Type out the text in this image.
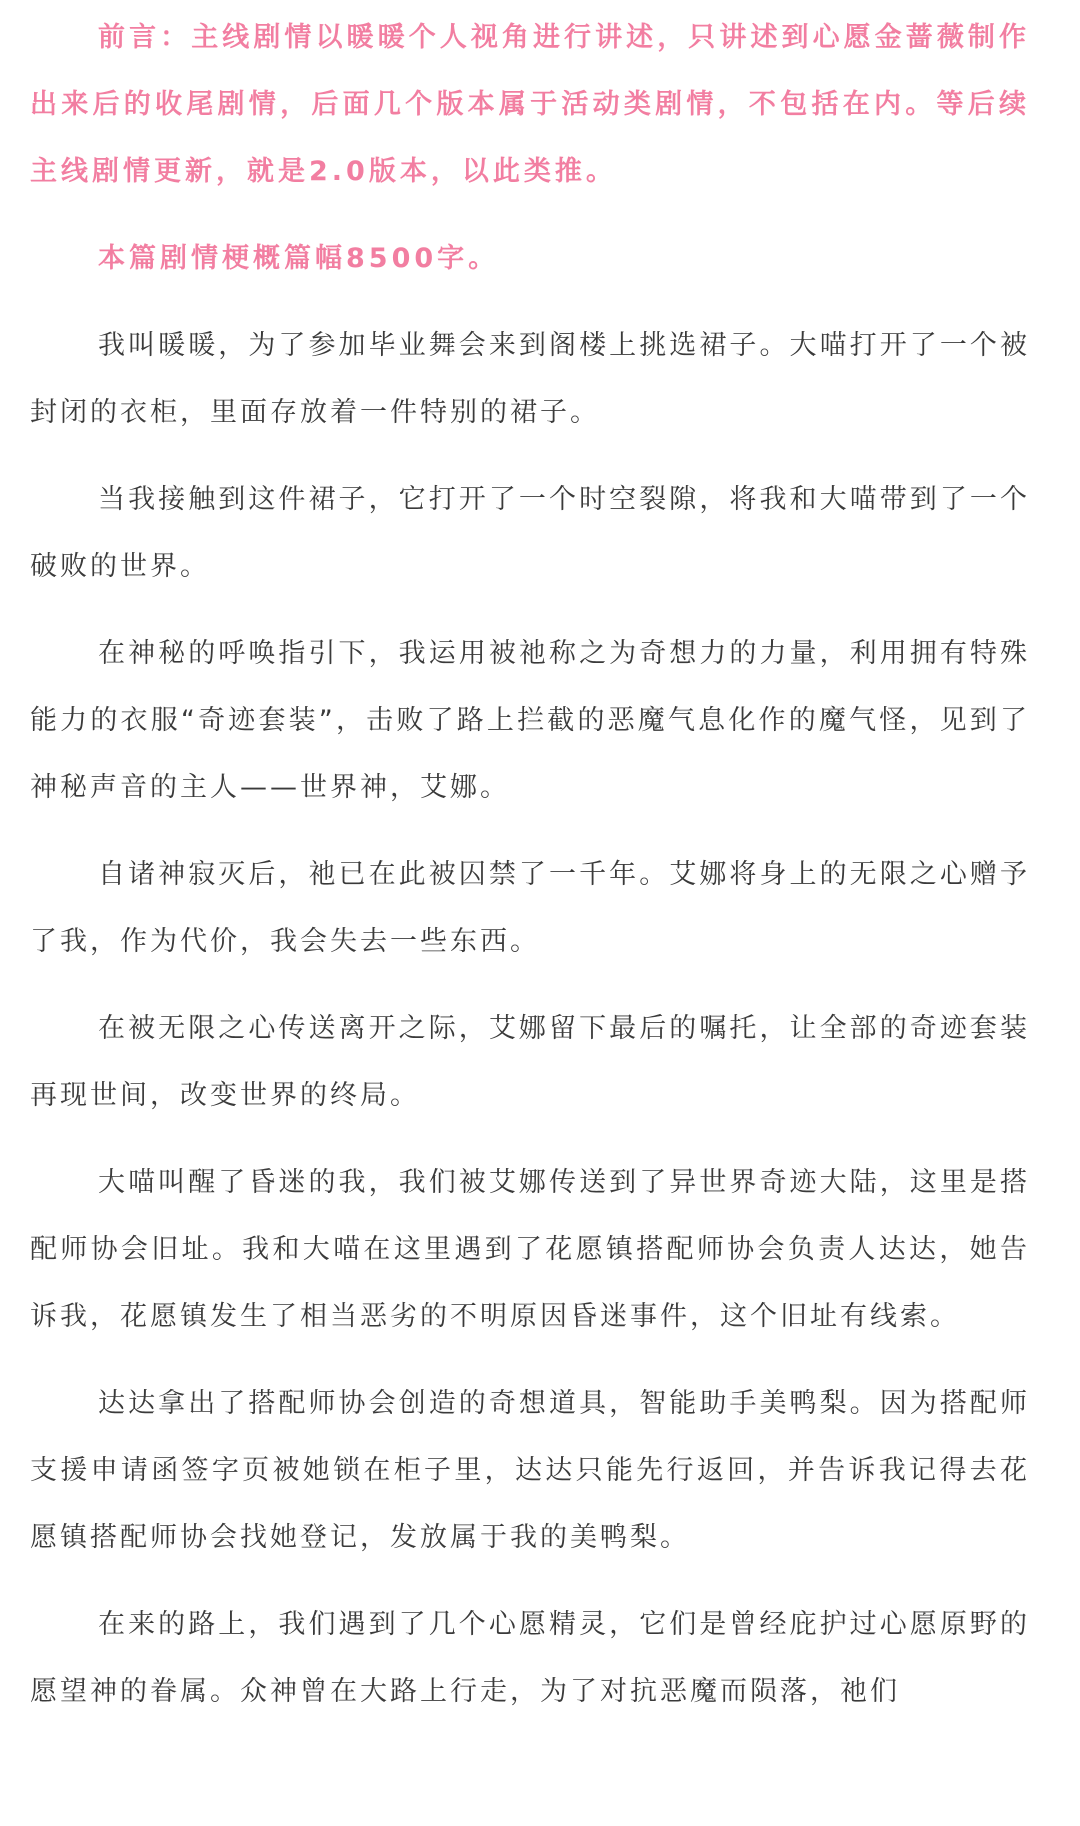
前言：主线剧情以暖暖个人视角进行讲述，只讲述到心愿金蔷薇制作出来后的收尾剧情，后面几个版本属于活动类剧情，不包括在内。等后续主线剧情更新，就是2.0版本，以此类推。

本篇剧情梗概篇幅8500字。

我叫暖暖，为了参加毕业舞会来到阁楼上挑选裙子。大喵打开了一个被封闭的衣柜，里面存放着一件特别的裙子。

当我接触到这件裙子，它打开了一个时空裂隙，将我和大喵带到了一个破败的世界。

在神秘的呼唤指引下，我运用被祂称之为奇想力的力量，利用拥有特殊能力的衣服“奇迹套装”，击败了路上拦截的恶魔气息化作的魔气怪，见到了神秘声音的主人——世界神，艾娜。

自诸神寂灭后，祂已在此被囚禁了一千年。艾娜将身上的无限之心赠予了我，作为代价，我会失去一些东西。

在被无限之心传送离开之际，艾娜留下最后的嘱托，让全部的奇迹套装再现世间，改变世界的终局。

大喵叫醒了昏迷的我，我们被艾娜传送到了异世界奇迹大陆，这里是搭配师协会旧址。我和大喵在这里遇到了花愿镇搭配师协会负责人达达，她告诉我，花愿镇发生了相当恶劣的不明原因昏迷事件，这个旧址有线索。

达达拿出了搭配师协会创造的奇想道具，智能助手美鸭梨。因为搭配师支援申请函签字页被她锁在柜子里，达达只能先行返回，并告诉我记得去花愿镇搭配师协会找她登记，发放属于我的美鸭梨。

在来的路上，我们遇到了几个心愿精灵，它们是曾经庇护过心愿原野的愿望神的眷属。众神曾在大路上行走，为了对抗恶魔而陨落，祂们
